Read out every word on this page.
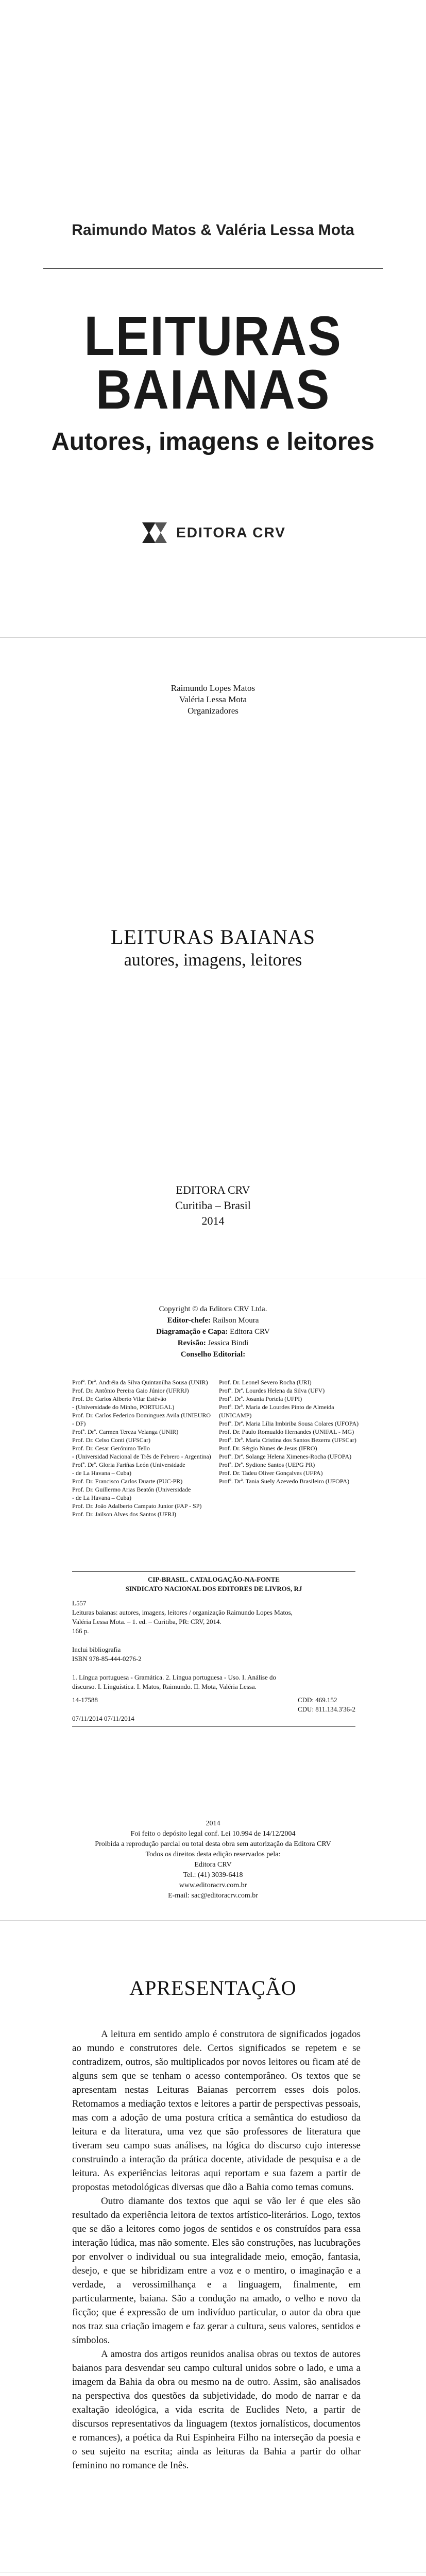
Raimundo Matos & Valéria Lessa Mota
LEITURAS
BAIANAS
Autores, imagens e leitores
EDITORA CRV
Raimundo Lopes Matos
Valéria Lessa Mota
Organizadores
LEITURAS BAIANAS
autores, imagens, leitores
EDITORA CRV
Curitiba – Brasil
2014
Copyright © da Editora CRV Ltda.
Editor-chefe: Railson Moura
Diagramação e Capa: Editora CRV
Revisão: Jessica Bindi
Conselho Editorial:
Profª. Drª. Andréia da Silva Quintanilha Sousa (UNIR)
Prof. Dr. Antônio Pereira Gaio Júnior (UFRRJ)
Prof. Dr. Carlos Alberto Vilar Estêvão
- (Universidade do Minho, PORTUGAL)
Prof. Dr. Carlos Federico Dominguez Avila (UNIEURO - DF)
Profª. Drª. Carmen Tereza Velanga (UNIR)
Prof. Dr. Celso Conti (UFSCar)
Prof. Dr. Cesar Gerónimo Tello
- (Universidad Nacional de Três de Febrero - Argentina)
Profª. Drª. Gloria Fariñas León (Universidade
- de La Havana – Cuba)
Prof. Dr. Francisco Carlos Duarte (PUC-PR)
Prof. Dr. Guillermo Arias Beatón (Universidade
- de La Havana – Cuba)
Prof. Dr. João Adalberto Campato Junior (FAP - SP)
Prof. Dr. Jailson Alves dos Santos (UFRJ)
Prof. Dr. Leonel Severo Rocha (URI)
Profª. Drª. Lourdes Helena da Silva (UFV)
Profª. Drª. Josania Portela (UFPI)
Profª. Drª. Maria de Lourdes Pinto de Almeida (UNICAMP)
Profª. Drª. Maria Lília Imbiriba Sousa Colares (UFOPA)
Prof. Dr. Paulo Romualdo Hernandes (UNIFAL - MG)
Profª. Drª. Maria Cristina dos Santos Bezerra (UFSCar)
Prof. Dr. Sérgio Nunes de Jesus (IFRO)
Profª. Drª. Solange Helena Ximenes-Rocha (UFOPA)
Profª. Drª. Sydione Santos (UEPG PR)
Prof. Dr. Tadeu Oliver Gonçalves (UFPA)
Profª. Drª. Tania Suely Azevedo Brasileiro (UFOPA)
CIP-BRASIL. CATALOGAÇÃO-NA-FONTE
SINDICATO NACIONAL DOS EDITORES DE LIVROS, RJ

L557

Leituras baianas: autores, imagens, leitores / organização Raimundo Lopes Matos,

Valéria Lessa Mota. – 1. ed. – Curitiba, PR: CRV, 2014.

166 p.

Inclui bibliografia

ISBN 978-85-444-0276-2

1. Língua portuguesa - Gramática. 2. Língua portuguesa - Uso. I. Análise do

discurso. I. Linguística. I. Matos, Raimundo. II. Mota, Valéria Lessa.

14-17588	CDD: 469.152
CDU: 811.134.3'36-2

07/11/2014 07/11/2014

2014
Foi feito o depósito legal conf. Lei 10.994 de 14/12/2004
Proibida a reprodução parcial ou total desta obra sem autorização da Editora CRV
Todos os direitos desta edição reservados pela:
Editora CRV
Tel.: (41) 3039-6418
www.editoracrv.com.br
E-mail: sac@editoracrv.com.br
APRESENTAÇÃO

A leitura em sentido amplo é construtora de significados jogados ao mundo e construtores dele. Certos significados se repetem e se contradizem, outros, são multiplicados por novos leitores ou ficam até de alguns sem que se tenham o acesso contemporâneo. Os textos que se apresentam nestas Leituras Baianas percorrem esses dois polos. Retomamos a mediação textos e leitores a partir de perspectivas pessoais, mas com a adoção de uma postura crítica a semântica do estudioso da leitura e da literatura, uma vez que são professores de literatura que tiveram seu campo suas análises, na lógica do discurso cujo interesse construindo a interação da prática docente, atividade de pesquisa e a de leitura. As experiências leitoras aqui reportam e sua fazem a partir de propostas metodológicas diversas que dão a Bahia como temas comuns.

Outro diamante dos textos que aqui se vão ler é que eles são resultado da experiência leitora de textos artístico-literários. Logo, textos que se dão a leitores como jogos de sentidos e os construídos para essa interação lúdica, mas não somente. Eles são construções, nas lucubrações por envolver o individual ou sua integralidade meio, emoção, fantasia, desejo, e que se hibridizam entre a voz e o mentiro, o imaginação e a verdade, a verossimilhança e a linguagem, finalmente, em particularmente, baiana. São a condução na amado, o velho e novo da ficção; que é expressão de um indivíduo particular, o autor da obra que nos traz sua criação imagem e faz gerar a cultura, seus valores, sentidos e símbolos.

A amostra dos artigos reunidos analisa obras ou textos de autores baianos para desvendar seu campo cultural unidos sobre o lado, e uma a imagem da Bahia da obra ou mesmo na de outro. Assim, são analisados na perspectiva dos questões da subjetividade, do modo de narrar e da exaltação ideológica, a vida escrita de Euclides Neto, a partir de discursos representativos da linguagem (textos jornalísticos, documentos e romances), a poética da Rui Espinheira Filho na interseção da poesia e o seu sujeito na escrita; ainda as leituras da Bahia a partir do olhar feminino no romance de Inês.
